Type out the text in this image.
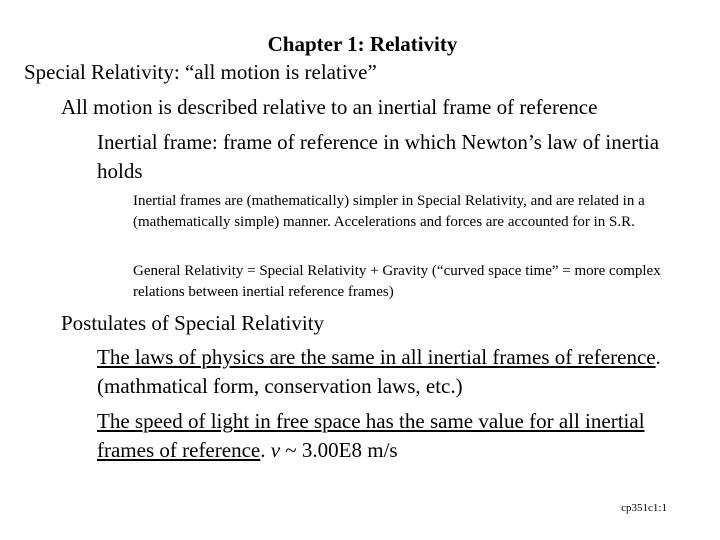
Chapter 1: Relativity
Special Relativity: “all motion is relative”
All motion is described relative to an inertial frame of reference
Inertial frame: frame of reference in which Newton’s law of inertia holds
Inertial frames are (mathematically) simpler in Special Relativity, and are related in a (mathematically simple) manner. Accelerations and forces are accounted for in S.R.
General Relativity = Special Relativity + Gravity (“curved space time” = more complex relations between inertial reference frames)
Postulates of Special Relativity
The laws of physics are the same in all inertial frames of reference. (mathmatical form, conservation laws, etc.)
The speed of light in free space has the same value for all inertial frames of reference. v ~ 3.00E8 m/s
cp351c1:1
